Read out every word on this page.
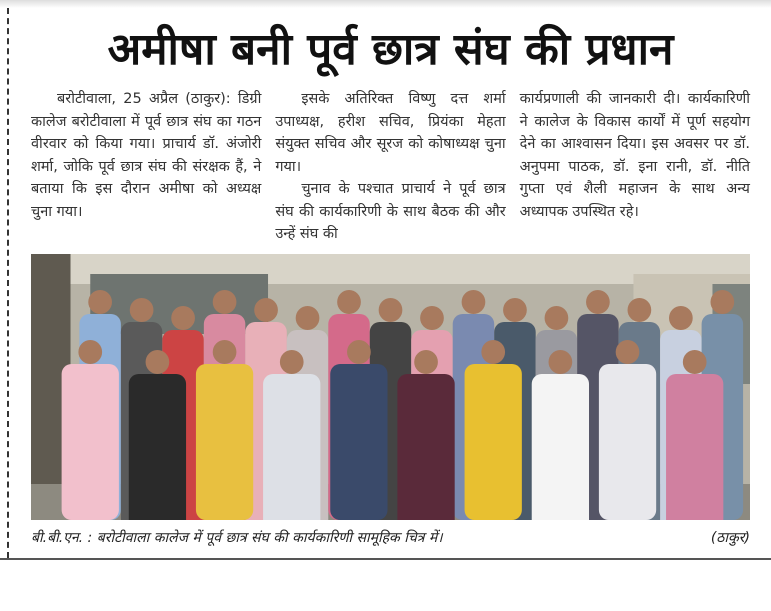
अमीषा बनी पूर्व छात्र संघ की प्रधान

बरोटीवाला, 25 अप्रैल (ठाकुर): डिग्री कालेज बरोटीवाला में पूर्व छात्र संघ का गठन वीरवार को किया गया। प्राचार्य डॉ. अंजोरी शर्मा, जोकि पूर्व छात्र संघ की संरक्षक हैं, ने बताया कि इस दौरान अमीषा को अध्यक्ष चुना गया।

इसके अतिरिक्त विष्णु दत्त शर्मा उपाध्यक्ष, हरीश सचिव, प्रियंका मेहता संयुक्त सचिव और सूरज को कोषाध्यक्ष चुना गया।

चुनाव के पश्चात प्राचार्य ने पूर्व छात्र संघ की कार्यकारिणी के साथ बैठक की और उन्हें संघ की

कार्यप्रणाली की जानकारी दी। कार्यकारिणी ने कालेज के विकास कार्यों में पूर्ण सहयोग देने का आश्वासन दिया। इस अवसर पर डॉ. अनुपमा पाठक, डॉ. इना रानी, डॉ. नीति गुप्ता एवं शैली महाजन के साथ अन्य अध्यापक उपस्थित रहे।

बी.बी.एन. : बरोटीवाला कालेज में पूर्व छात्र संघ की कार्यकारिणी सामूहिक चित्र में।	(ठाकुर)
